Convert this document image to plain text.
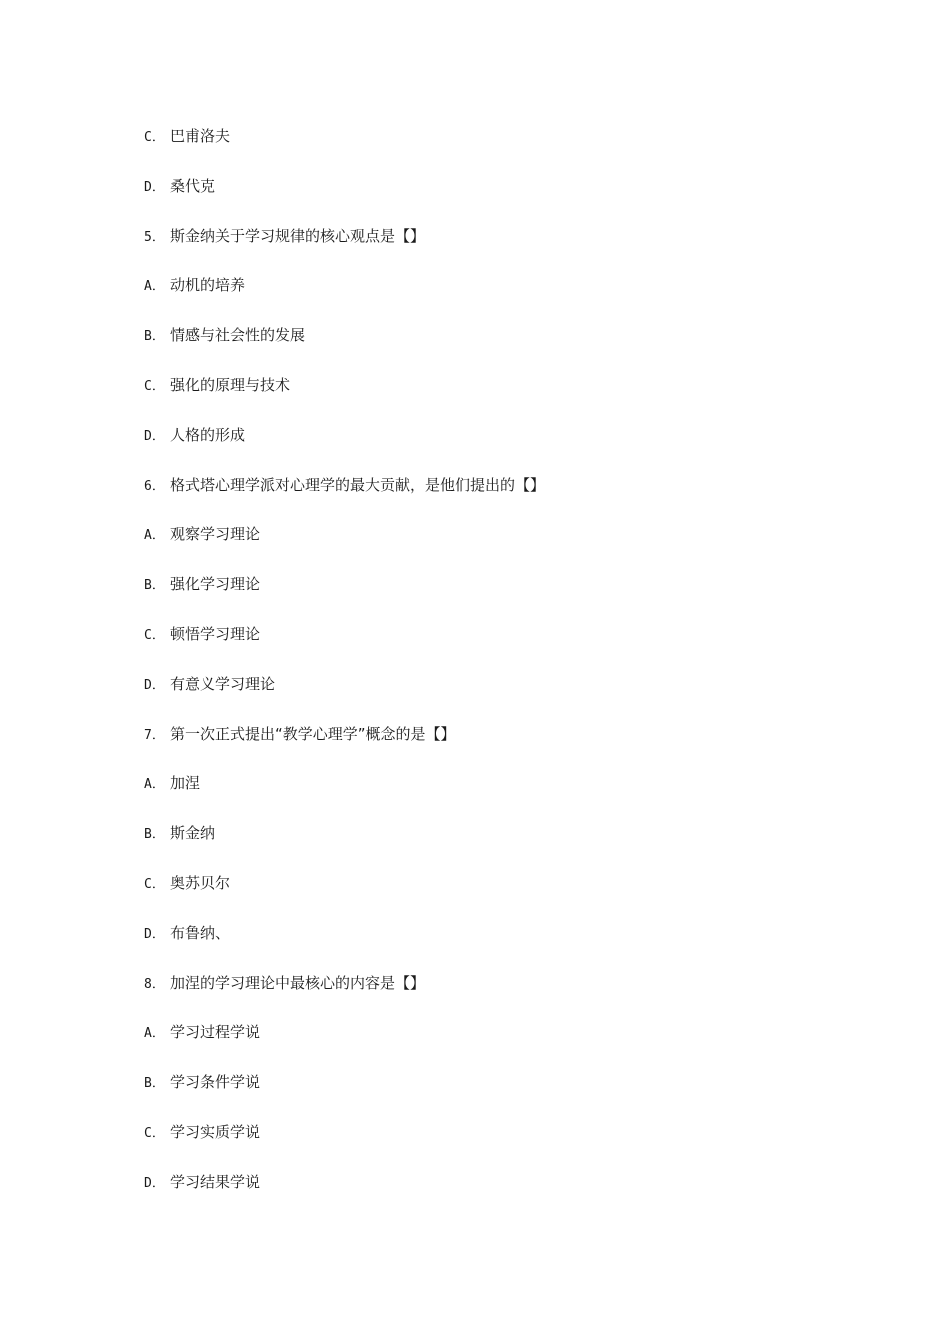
C． 巴甫洛夫
D． 桑代克
5． 斯金纳关于学习规律的核心观点是【】
A． 动机的培养
B． 情感与社会性的发展
C． 强化的原理与技术
D． 人格的形成
6． 格式塔心理学派对心理学的最大贡献，是他们提出的【】
A． 观察学习理论
B． 强化学习理论
C． 顿悟学习理论
D． 有意义学习理论
7． 第一次正式提出“教学心理学”概念的是【】
A． 加涅
B． 斯金纳
C． 奥苏贝尔
D． 布鲁纳、
8． 加涅的学习理论中最核心的内容是【】
A． 学习过程学说
B． 学习条件学说
C． 学习实质学说
D． 学习结果学说
